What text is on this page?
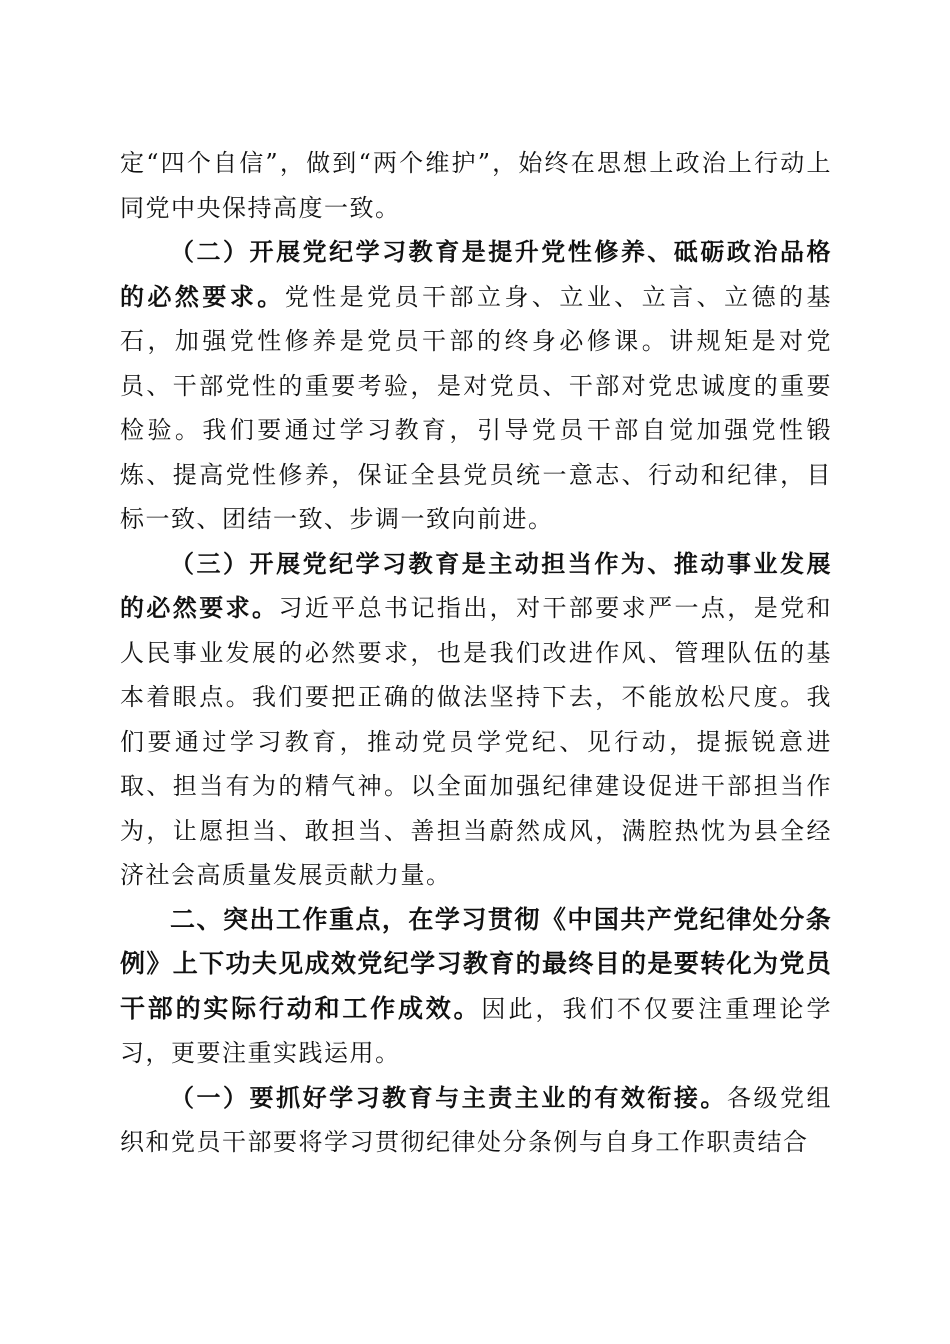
定“四个自信”，做到“两个维护”，始终在思想上政治上行动上同党中央保持高度一致。

（二）开展党纪学习教育是提升党性修养、砥砺政治品格的必然要求。党性是党员干部立身、立业、立言、立德的基石，加强党性修养是党员干部的终身必修课。讲规矩是对党员、干部党性的重要考验，是对党员、干部对党忠诚度的重要检验。我们要通过学习教育，引导党员干部自觉加强党性锻炼、提高党性修养，保证全县党员统一意志、行动和纪律，目标一致、团结一致、步调一致向前进。

（三）开展党纪学习教育是主动担当作为、推动事业发展的必然要求。习近平总书记指出，对干部要求严一点，是党和人民事业发展的必然要求，也是我们改进作风、管理队伍的基本着眼点。我们要把正确的做法坚持下去，不能放松尺度。我们要通过学习教育，推动党员学党纪、见行动，提振锐意进取、担当有为的精气神。以全面加强纪律建设促进干部担当作为，让愿担当、敢担当、善担当蔚然成风，满腔热忱为县全经济社会高质量发展贡献力量。

二、突出工作重点，在学习贯彻《中国共产党纪律处分条例》上下功夫见成效党纪学习教育的最终目的是要转化为党员干部的实际行动和工作成效。因此，我们不仅要注重理论学习，更要注重实践运用。

（一）要抓好学习教育与主责主业的有效衔接。各级党组织和党员干部要将学习贯彻纪律处分条例与自身工作职责结合
